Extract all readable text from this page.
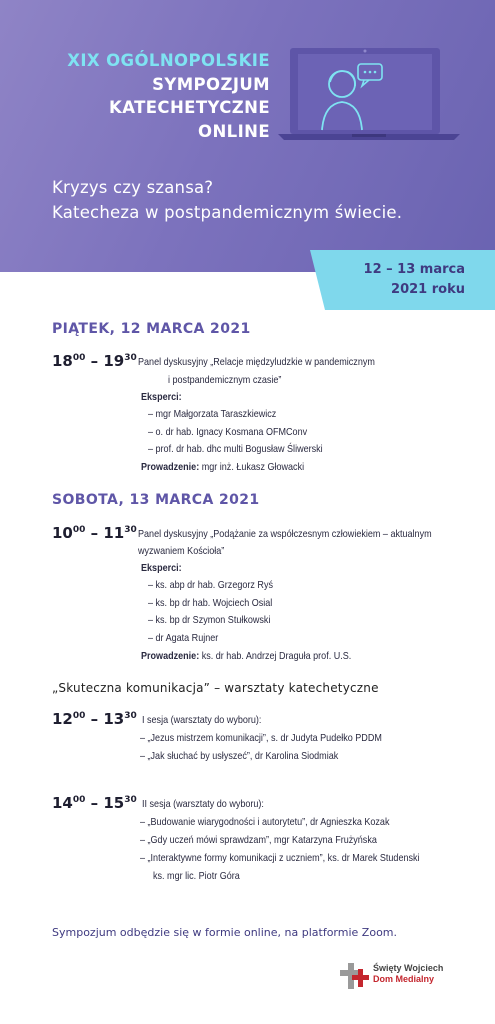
XIX OGÓLNOPOLSKIE
SYMPOZJUM
KATECHETYCZNE
ONLINE
Kryzys czy szansa?
Katecheza w postpandemicznym świecie.
12 – 13 marca
2021 roku
PIĄTEK, 12 MARCA 2021
$18^{00} - 19^{30}$ Panel dyskusyjny „Relacje międzyludzkie w pandemicznym
i postpandemicznym czasie”
Eksperci:
– mgr Małgorzata Taraszkiewicz
– o. dr hab. Ignacy Kosmana OFMConv
– prof. dr hab. dhc multi Bogusław Śliwerski
Prowadzenie: mgr inż. Łukasz Głowacki
SOBOTA, 13 MARCA 2021
$10^{00} - 11^{30}$ Panel dyskusyjny „Podążanie za współczesnym człowiekiem – aktualnym
wyzwaniem Kościoła”
Eksperci:
– ks. abp dr hab. Grzegorz Ryś
– ks. bp dr hab. Wojciech Osial
– ks. bp dr Szymon Stułkowski
– dr Agata Rujner
Prowadzenie: ks. dr hab. Andrzej Draguła prof. U.S.
„Skuteczna komunikacja” – warsztaty katechetyczne
$12^{00} - 13^{30}$ I sesja (warsztaty do wyboru):
– „Jezus mistrzem komunikacji”, s. dr Judyta Pudełko PDDM
– „Jak słuchać by usłyszeć”, dr Karolina Siodmiak
$14^{00} - 15^{30}$ II sesja (warsztaty do wyboru):
– „Budowanie wiarygodności i autorytetu”, dr Agnieszka Kozak
– „Gdy uczeń mówi sprawdzam”, mgr Katarzyna Frużyńska
– „Interaktywne formy komunikacji z uczniem”, ks. dr Marek Studenski
ks. mgr lic. Piotr Góra
Sympozjum odbędzie się w formie online, na platformie Zoom.
Święty Wojciech
Dom Medialny
